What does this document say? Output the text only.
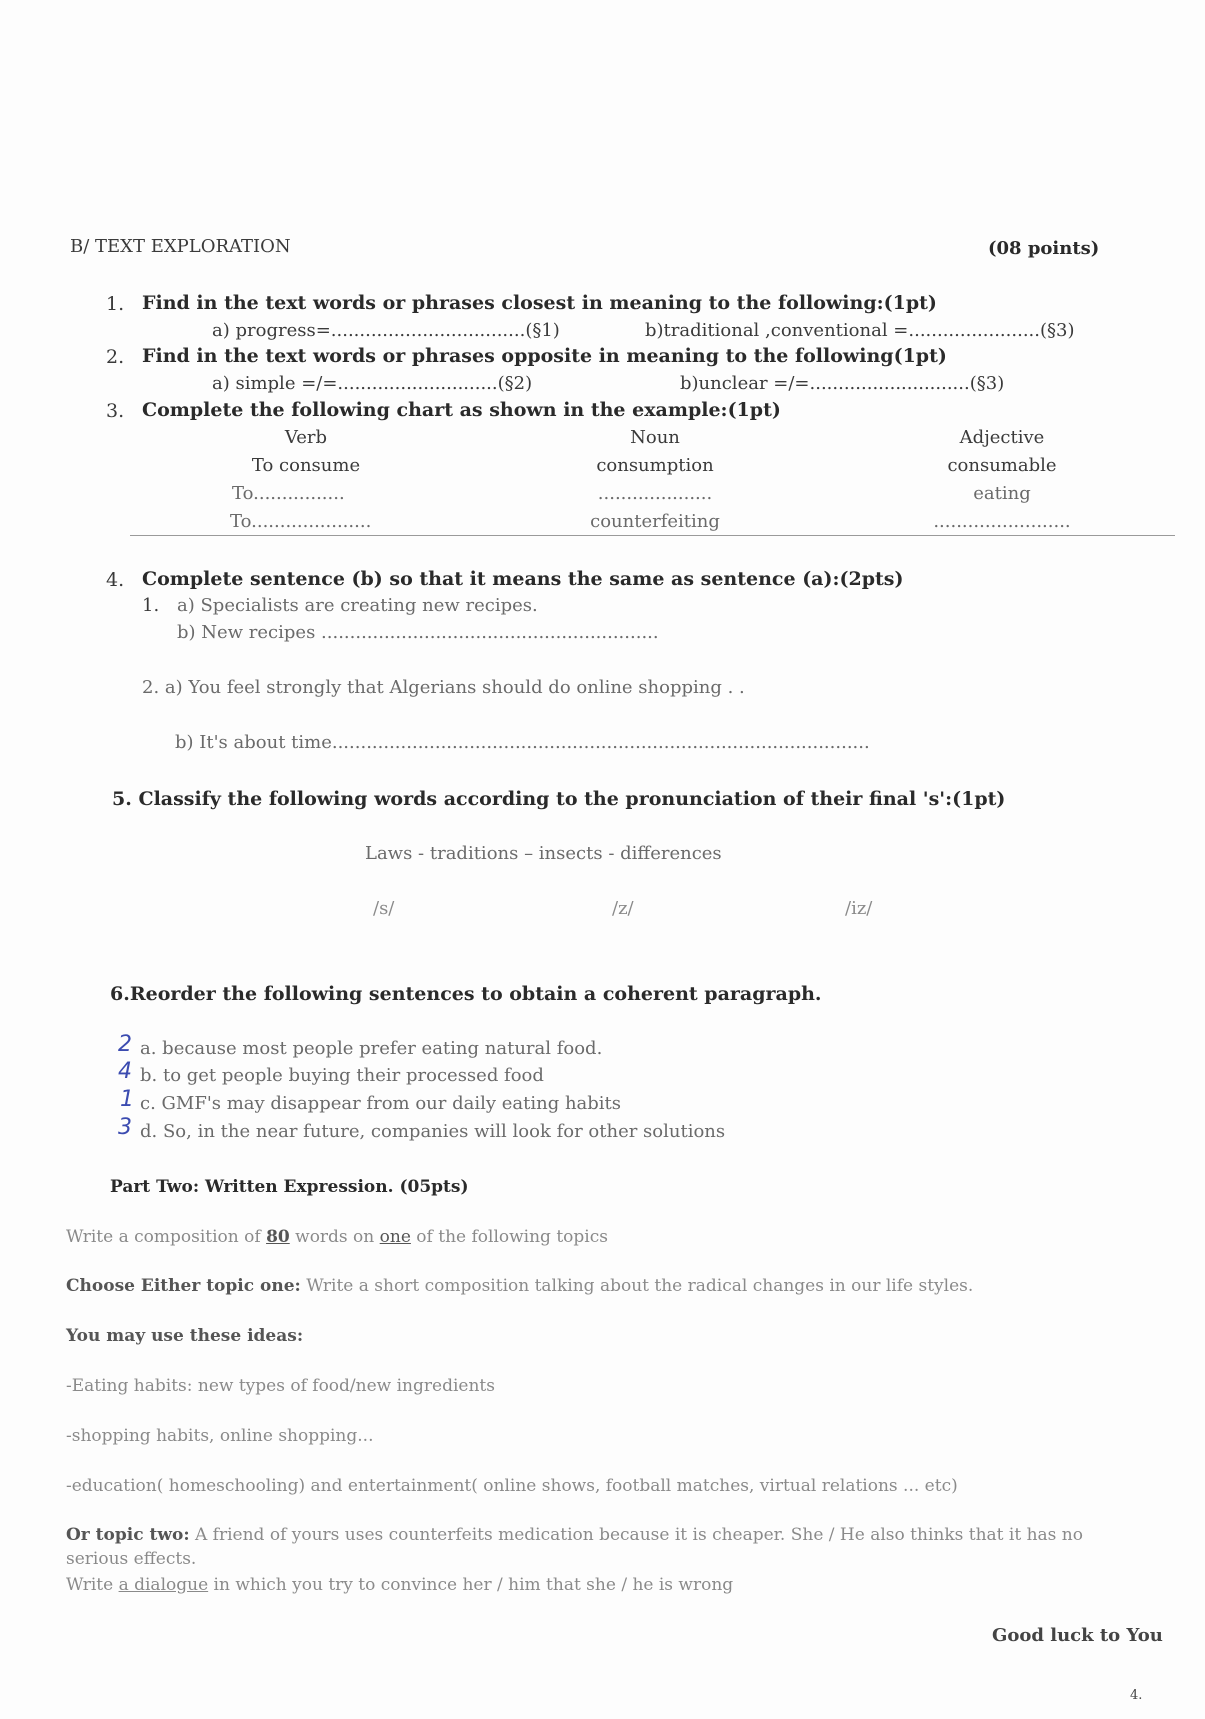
B/ TEXT EXPLORATION	(08 points)
1. Find in the text words or phrases closest in meaning to the following:(1pt)
a) progress=..................................(§1)	b)traditional ,conventional =.......................(§3)
2. Find in the text words or phrases opposite in meaning to the following(1pt)
a) simple =/=............................(§2)	b)unclear =/=............................(§3)
3. Complete the following chart as shown in the example:(1pt)
Verb	Noun	Adjective
To consume	consumption	consumable
To................	....................	eating
To.....................	counterfeiting	........................
4. Complete sentence (b) so that it means the same as sentence (a):(2pts)
1. a) Specialists are creating new recipes.
b) New recipes ...........................................................
2. a) You feel strongly that Algerians should do online shopping . .
b) It's about time..............................................................................................
5. Classify the following words according to the pronunciation of their final 's':(1pt)
Laws - traditions – insects - differences
/s/	/z/	/iz/
6.Reorder the following sentences to obtain a coherent paragraph.
2 a. because most people prefer eating natural food.
4 b. to get people buying their processed food
1 c. GMF's may disappear from our daily eating habits
3 d. So, in the near future, companies will look for other solutions
Part Two: Written Expression. (05pts)
Write a composition of 80 words on one of the following topics
Choose Either topic one: Write a short composition talking about the radical changes in our life styles.
You may use these ideas:
-Eating habits: new types of food/new ingredients
-shopping habits, online shopping...
-education( homeschooling) and entertainment( online shows, football matches, virtual relations ... etc)
Or topic two: A friend of yours uses counterfeits medication because it is cheaper. She / He also thinks that it has no
serious effects.
Write a dialogue in which you try to convince her / him that she / he is wrong
Good luck to You
4.
